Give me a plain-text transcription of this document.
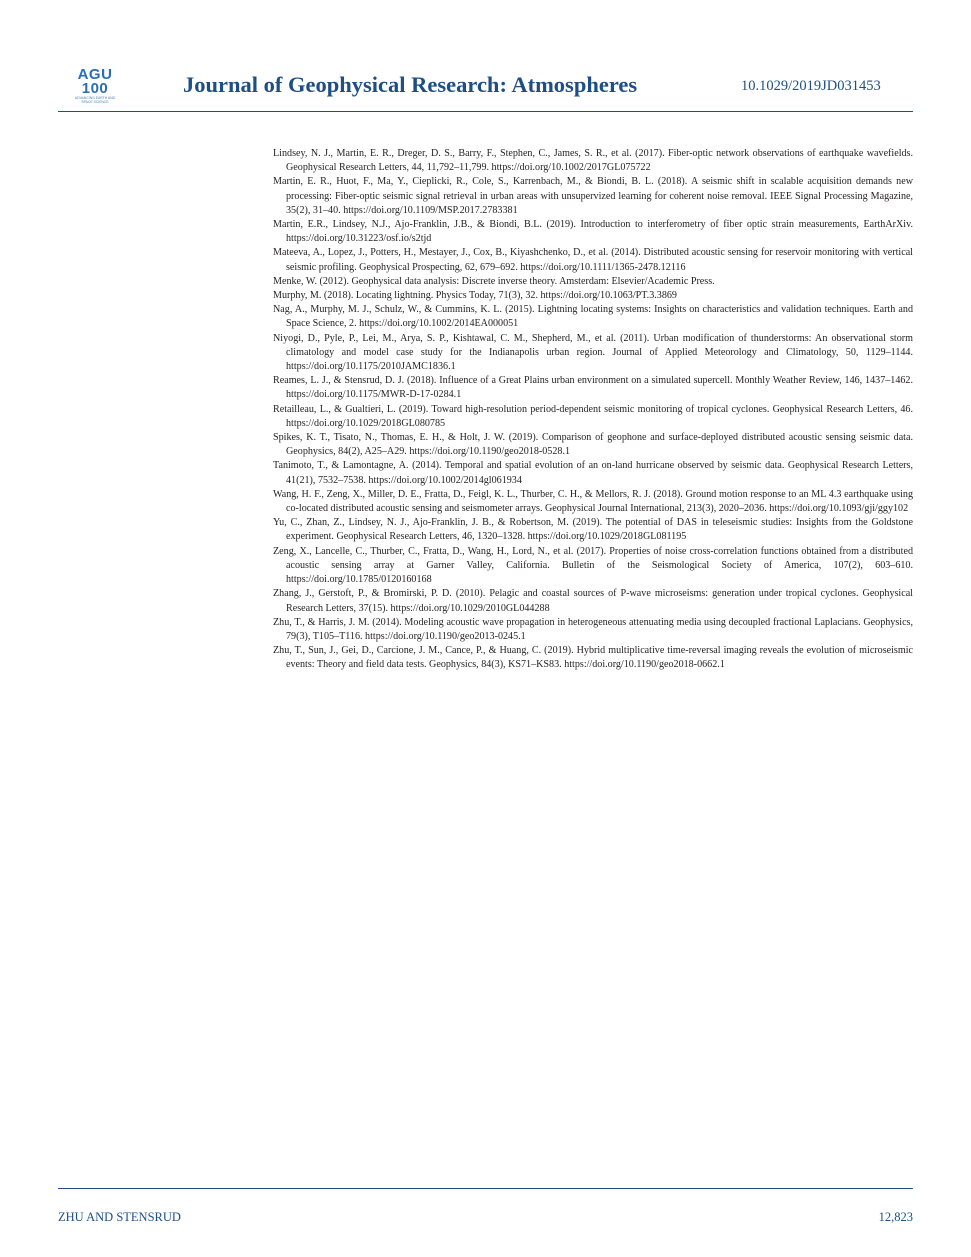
AGU
100
ADVANCING EARTH AND SPACE SCIENCE
Journal of Geophysical Research: Atmospheres	10.1029/2019JD031453

Lindsey, N. J., Martin, E. R., Dreger, D. S., Barry, F., Stephen, C., James, S. R., et al. (2017). Fiber-optic network observations of earthquake wavefields. Geophysical Research Letters, 44, 11,792–11,799. https://doi.org/10.1002/2017GL075722

Martin, E. R., Huot, F., Ma, Y., Cieplicki, R., Cole, S., Karrenbach, M., & Biondi, B. L. (2018). A seismic shift in scalable acquisition demands new processing: Fiber-optic seismic signal retrieval in urban areas with unsupervized learning for coherent noise removal. IEEE Signal Processing Magazine, 35(2), 31–40. https://doi.org/10.1109/MSP.2017.2783381

Martin, E.R., Lindsey, N.J., Ajo-Franklin, J.B., & Biondi, B.L. (2019). Introduction to interferometry of fiber optic strain measurements, EarthArXiv. https://doi.org/10.31223/osf.io/s2tjd

Mateeva, A., Lopez, J., Potters, H., Mestayer, J., Cox, B., Kiyashchenko, D., et al. (2014). Distributed acoustic sensing for reservoir monitoring with vertical seismic profiling. Geophysical Prospecting, 62, 679–692. https://doi.org/10.1111/1365-2478.12116

Menke, W. (2012). Geophysical data analysis: Discrete inverse theory. Amsterdam: Elsevier/Academic Press.

Murphy, M. (2018). Locating lightning. Physics Today, 71(3), 32. https://doi.org/10.1063/PT.3.3869

Nag, A., Murphy, M. J., Schulz, W., & Cummins, K. L. (2015). Lightning locating systems: Insights on characteristics and validation techniques. Earth and Space Science, 2. https://doi.org/10.1002/2014EA000051

Niyogi, D., Pyle, P., Lei, M., Arya, S. P., Kishtawal, C. M., Shepherd, M., et al. (2011). Urban modification of thunderstorms: An observational storm climatology and model case study for the Indianapolis urban region. Journal of Applied Meteorology and Climatology, 50, 1129–1144. https://doi.org/10.1175/2010JAMC1836.1

Reames, L. J., & Stensrud, D. J. (2018). Influence of a Great Plains urban environment on a simulated supercell. Monthly Weather Review, 146, 1437–1462. https://doi.org/10.1175/MWR-D-17-0284.1

Retailleau, L., & Gualtieri, L. (2019). Toward high-resolution period-dependent seismic monitoring of tropical cyclones. Geophysical Research Letters, 46. https://doi.org/10.1029/2018GL080785

Spikes, K. T., Tisato, N., Thomas, E. H., & Holt, J. W. (2019). Comparison of geophone and surface-deployed distributed acoustic sensing seismic data. Geophysics, 84(2), A25–A29. https://doi.org/10.1190/geo2018-0528.1

Tanimoto, T., & Lamontagne, A. (2014). Temporal and spatial evolution of an on-land hurricane observed by seismic data. Geophysical Research Letters, 41(21), 7532–7538. https://doi.org/10.1002/2014gl061934

Wang, H. F., Zeng, X., Miller, D. E., Fratta, D., Feigl, K. L., Thurber, C. H., & Mellors, R. J. (2018). Ground motion response to an ML 4.3 earthquake using co-located distributed acoustic sensing and seismometer arrays. Geophysical Journal International, 213(3), 2020–2036. https://doi.org/10.1093/gji/ggy102

Yu, C., Zhan, Z., Lindsey, N. J., Ajo-Franklin, J. B., & Robertson, M. (2019). The potential of DAS in teleseismic studies: Insights from the Goldstone experiment. Geophysical Research Letters, 46, 1320–1328. https://doi.org/10.1029/2018GL081195

Zeng, X., Lancelle, C., Thurber, C., Fratta, D., Wang, H., Lord, N., et al. (2017). Properties of noise cross-correlation functions obtained from a distributed acoustic sensing array at Garner Valley, California. Bulletin of the Seismological Society of America, 107(2), 603–610. https://doi.org/10.1785/0120160168

Zhang, J., Gerstoft, P., & Bromirski, P. D. (2010). Pelagic and coastal sources of P-wave microseisms: generation under tropical cyclones. Geophysical Research Letters, 37(15). https://doi.org/10.1029/2010GL044288

Zhu, T., & Harris, J. M. (2014). Modeling acoustic wave propagation in heterogeneous attenuating media using decoupled fractional Laplacians. Geophysics, 79(3), T105–T116. https://doi.org/10.1190/geo2013-0245.1

Zhu, T., Sun, J., Gei, D., Carcione, J. M., Cance, P., & Huang, C. (2019). Hybrid multiplicative time-reversal imaging reveals the evolution of microseismic events: Theory and field data tests. Geophysics, 84(3), KS71–KS83. https://doi.org/10.1190/geo2018-0662.1

ZHU AND STENSRUD	12,823
